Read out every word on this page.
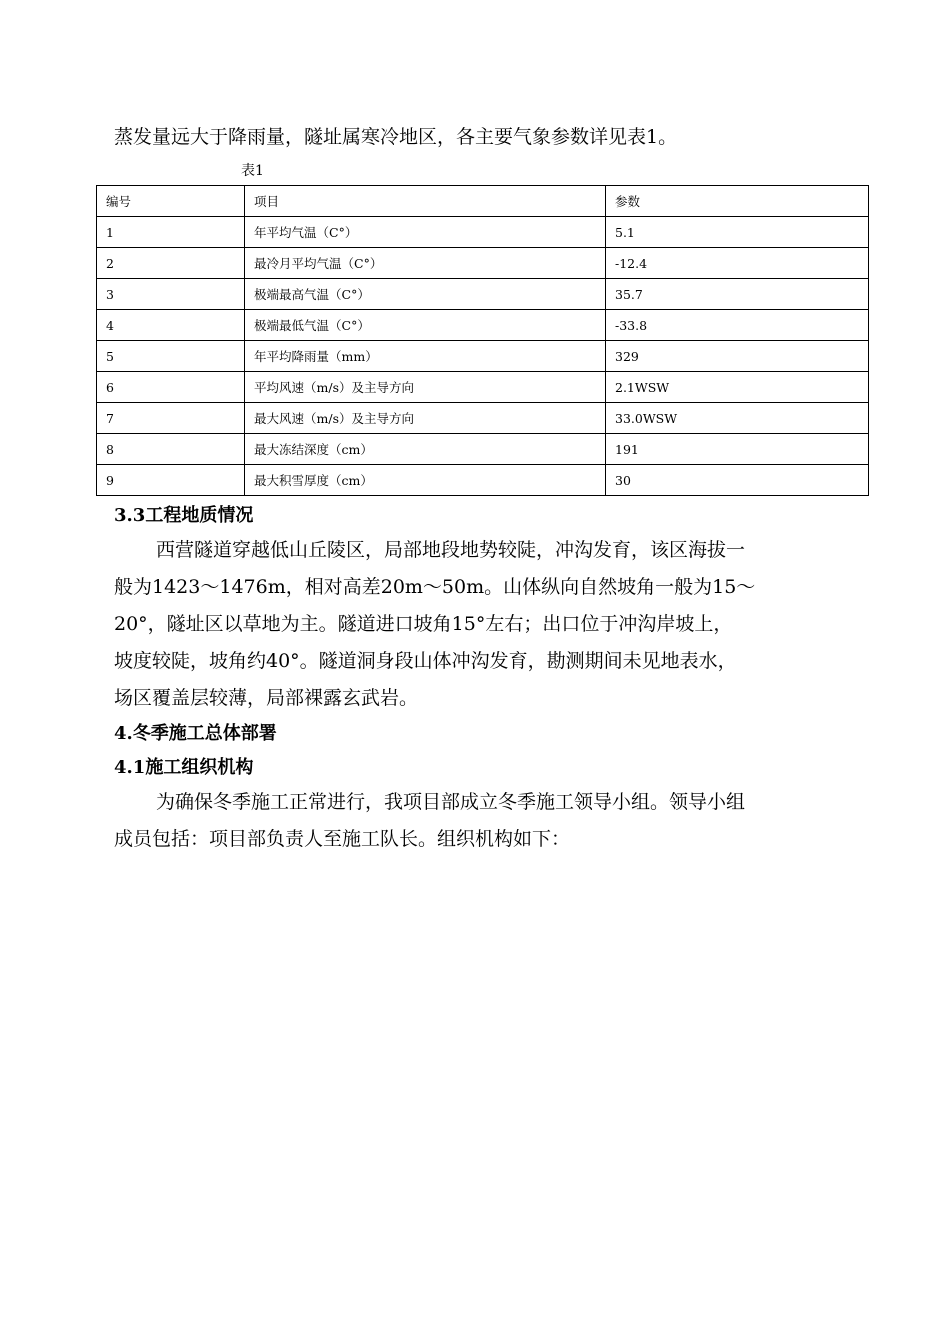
蒸发量远大于降雨量，隧址属寒冷地区，各主要气象参数详见表1。
表1
编号	项目	参数
1	年平均气温（C°）	5.1
2	最冷月平均气温（C°）	-12.4
3	极端最高气温（C°）	35.7
4	极端最低气温（C°）	-33.8
5	年平均降雨量（mm）	329
6	平均风速（m/s）及主导方向	2.1WSW
7	最大风速（m/s）及主导方向	33.0WSW
8	最大冻结深度（cm）	191
9	最大积雪厚度（cm）	30
3.3工程地质情况
西营隧道穿越低山丘陵区，局部地段地势较陡，冲沟发育，该区海拔一
般为1423～1476m，相对高差20m～50m。山体纵向自然坡角一般为15～
20°，隧址区以草地为主。隧道进口坡角15°左右；出口位于冲沟岸坡上，
坡度较陡，坡角约40°。隧道洞身段山体冲沟发育，勘测期间未见地表水，
场区覆盖层较薄，局部裸露玄武岩。
4.冬季施工总体部署
4.1施工组织机构
为确保冬季施工正常进行，我项目部成立冬季施工领导小组。领导小组
成员包括：项目部负责人至施工队长。组织机构如下：
